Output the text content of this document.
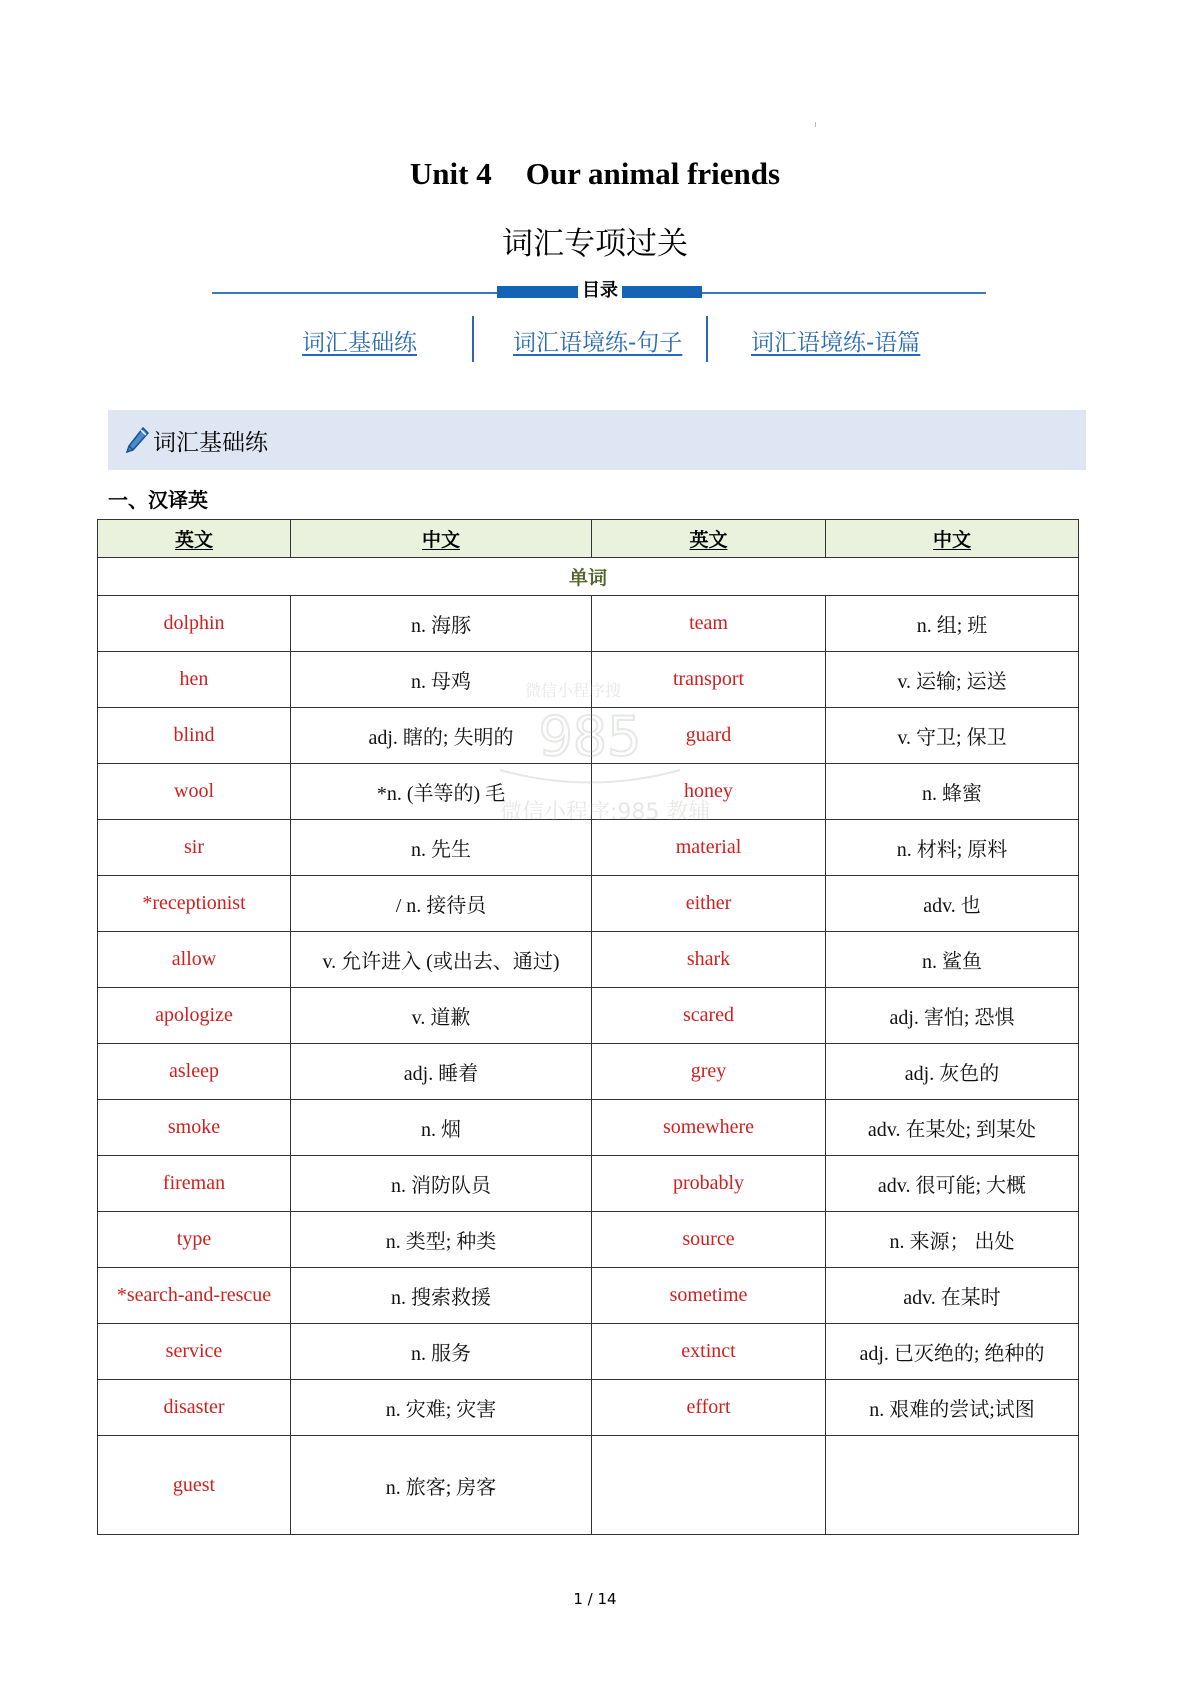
Unit 4 Our animal friends
词汇专项过关
目录
词汇基础练	词汇语境练-句子	词汇语境练-语篇
词汇基础练
一、汉译英
英文	中文	英文	中文
单词			
dolphin	n. 海豚	team	n. 组; 班
hen	n. 母鸡	transport	v. 运输; 运送
blind	adj. 瞎的; 失明的	guard	v. 守卫; 保卫
wool	*n. (羊等的) 毛	honey	n. 蜂蜜
sir	n. 先生	material	n. 材料; 原料
*receptionist	/ n. 接待员	either	adv. 也
allow	v. 允许进入 (或出去、通过)	shark	n. 鲨鱼
apologize	v. 道歉	scared	adj. 害怕; 恐惧
asleep	adj. 睡着	grey	adj. 灰色的
smoke	n. 烟	somewhere	adv. 在某处; 到某处
fireman	n. 消防队员	probably	adv. 很可能; 大概
type	n. 类型; 种类	source	n. 来源； 出处
*search-and-rescue	n. 搜索救援	sometime	adv. 在某时
service	n. 服务	extinct	adj. 已灭绝的; 绝种的
disaster	n. 灾难; 灾害	effort	n. 艰难的尝试;试图
guest	n. 旅客; 房客		
微信小程序搜
985
微信小程序:985 教辅
1 / 14
